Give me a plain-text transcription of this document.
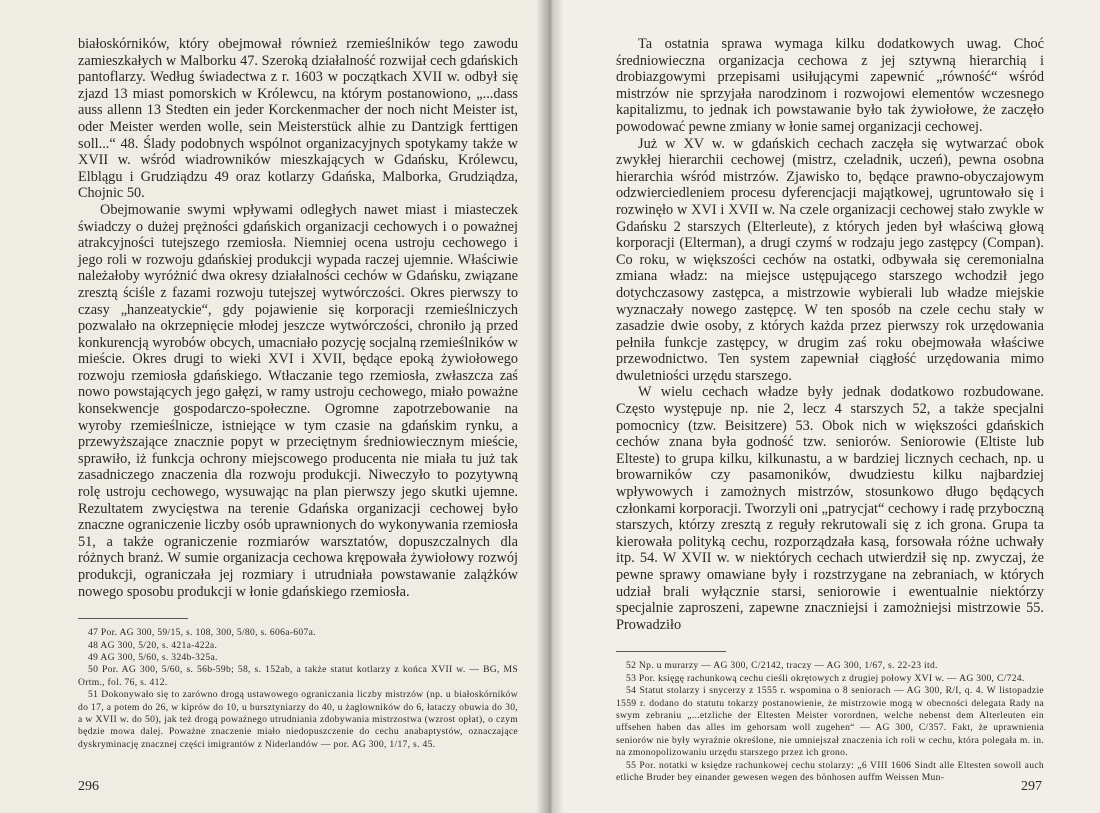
białoskórników, który obejmował również rzemieślników tego zawodu zamieszkałych w Malborku 47. Szeroką działalność rozwijał cech gdańskich pantoflarzy. Według świadectwa z r. 1603 w początkach XVII w. odbył się zjazd 13 miast pomorskich w Królewcu, na którym postanowiono, „...dass auss allenn 13 Stedten ein jeder Korckenmacher der noch nicht Meister ist, oder Meister werden wolle, sein Meisterstück alhie zu Dantzigk ferttigen soll...“ 48. Ślady podobnych wspólnot organizacyjnych spotykamy także w XVII w. wśród wiadrowników mieszkających w Gdańsku, Królewcu, Elblągu i Grudziądzu 49 oraz kotlarzy Gdańska, Malborka, Grudziądza, Chojnic 50.

Obejmowanie swymi wpływami odległych nawet miast i miasteczek świadczy o dużej prężności gdańskich organizacji cechowych i o poważnej atrakcyjności tutejszego rzemiosła. Niemniej ocena ustroju cechowego i jego roli w rozwoju gdańskiej produkcji wypada raczej ujemnie. Właściwie należałoby wyróżnić dwa okresy działalności cechów w Gdańsku, związane zresztą ściśle z fazami rozwoju tutejszej wytwórczości. Okres pierwszy to czasy „hanzeatyckie“, gdy pojawienie się korporacji rzemieślniczych pozwalało na okrzepnięcie młodej jeszcze wytwórczości, chroniło ją przed konkurencją wyrobów obcych, umacniało pozycję socjalną rzemieślników w mieście. Okres drugi to wieki XVI i XVII, będące epoką żywiołowego rozwoju rzemiosła gdańskiego. Wtłaczanie tego rzemiosła, zwłaszcza zaś nowo powstających jego gałęzi, w ramy ustroju cechowego, miało poważne konsekwencje gospodarczo-społeczne. Ogromne zapotrzebowanie na wyroby rzemieślnicze, istniejące w tym czasie na gdańskim rynku, a przewyższające znacznie popyt w przeciętnym średniowiecznym mieście, sprawiło, iż funkcja ochrony miejscowego producenta nie miała tu już tak zasadniczego znaczenia dla rozwoju produkcji. Niweczyło to pozytywną rolę ustroju cechowego, wysuwając na plan pierwszy jego skutki ujemne. Rezultatem zwycięstwa na terenie Gdańska organizacji cechowej było znaczne ograniczenie liczby osób uprawnionych do wykonywania rzemiosła 51, a także ograniczenie rozmiarów warsztatów, dopuszczalnych dla różnych branż. W sumie organizacja cechowa krępowała żywiołowy rozwój produkcji, ograniczała jej rozmiary i utrudniała powstawanie zalążków nowego sposobu produkcji w łonie gdańskiego rzemiosła.

47 Por. AG 300, 59/15, s. 108, 300, 5/80, s. 606a-607a.

48 AG 300, 5/20, s. 421a-422a.

49 AG 300, 5/60, s. 324b-325a.

50 Por. AG 300, 5/60, s. 56b-59b; 58, s. 152ab, a także statut kotlarzy z końca XVII w. — BG, MS Ortm., fol. 76, s. 412.

51 Dokonywało się to zarówno drogą ustawowego ograniczania liczby mistrzów (np. u białoskórników do 17, a potem do 26, w kiprów do 10, u bursztyniarzy do 40, u żaglowników do 6, łataczy obuwia do 30, a w XVII w. do 50), jak też drogą poważnego utrudniania zdobywania mistrzostwa (wzrost opłat), o czym będzie mowa dalej. Poważne znaczenie miało niedopuszczenie do cechu anabaptystów, oznaczające dyskryminację znacznej części imigrantów z Niderlandów — por. AG 300, 1/17, s. 45.

296

Ta ostatnia sprawa wymaga kilku dodatkowych uwag. Choć średniowieczna organizacja cechowa z jej sztywną hierarchią i drobiazgowymi przepisami usiłującymi zapewnić „równość“ wśród mistrzów nie sprzyjała narodzinom i rozwojowi elementów wczesnego kapitalizmu, to jednak ich powstawanie było tak żywiołowe, że zaczęło powodować pewne zmiany w łonie samej organizacji cechowej.

Już w XV w. w gdańskich cechach zaczęła się wytwarzać obok zwykłej hierarchii cechowej (mistrz, czeladnik, uczeń), pewna osobna hierarchia wśród mistrzów. Zjawisko to, będące prawno-obyczajowym odzwierciedleniem procesu dyferencjacji majątkowej, ugruntowało się i rozwinęło w XVI i XVII w. Na czele organizacji cechowej stało zwykle w Gdańsku 2 starszych (Elterleute), z których jeden był właściwą głową korporacji (Elterman), a drugi czymś w rodzaju jego zastępcy (Compan). Co roku, w większości cechów na ostatki, odbywała się ceremonialna zmiana władz: na miejsce ustępującego starszego wchodził jego dotychczasowy zastępca, a mistrzowie wybierali lub władze miejskie wyznaczały nowego zastępcę. W ten sposób na czele cechu stały w zasadzie dwie osoby, z których każda przez pierwszy rok urzędowania pełniła funkcje zastępcy, w drugim zaś roku obejmowała właściwe przewodnictwo. Ten system zapewniał ciągłość urzędowania mimo dwuletniości urzędu starszego.

W wielu cechach władze były jednak dodatkowo rozbudowane. Często występuje np. nie 2, lecz 4 starszych 52, a także specjalni pomocnicy (tzw. Beisitzere) 53. Obok nich w większości gdańskich cechów znana była godność tzw. seniorów. Seniorowie (Eltiste lub Elteste) to grupa kilku, kilkunastu, a w bardziej licznych cechach, np. u browarników czy pasamoników, dwudziestu kilku najbardziej wpływowych i zamożnych mistrzów, stosunkowo długo będących członkami korporacji. Tworzyli oni „patrycjat“ cechowy i radę przyboczną starszych, którzy zresztą z reguły rekrutowali się z ich grona. Grupa ta kierowała polityką cechu, rozporządzała kasą, forsowała różne uchwały itp. 54. W XVII w. w niektórych cechach utwierdził się np. zwyczaj, że pewne sprawy omawiane były i rozstrzygane na zebraniach, w których udział brali wyłącznie starsi, seniorowie i ewentualnie niektórzy specjalnie zaproszeni, zapewne znaczniejsi i zamożniejsi mistrzowie 55. Prowadziło

52 Np. u murarzy — AG 300, C/2142, traczy — AG 300, 1/67, s. 22-23 itd.

53 Por. księgę rachunkową cechu cieśli okrętowych z drugiej połowy XVI w. — AG 300, C/724.

54 Statut stolarzy i snycerzy z 1555 r. wspomina o 8 seniorach — AG 300, R/I, q. 4. W listopadzie 1559 r. dodano do statutu tokarzy postanowienie, że mistrzowie mogą w obecności delegata Rady na swym zebraniu „...etzliche der Eltesten Meister vorordnen, welche nebenst dem Alterleuten ein uffsehen haben das alles im gehorsam woll zugehen“ — AG 300, C/357. Fakt, że uprawnienia seniorów nie były wyraźnie określone, nie umniejszał znaczenia ich roli w cechu, która polegała m. in. na zmonopolizowaniu urzędu starszego przez ich grono.

55 Por. notatki w księdze rachunkowej cechu stolarzy: „6 VIII 1606 Sindt alle Eltesten sowoll auch etliche Bruder bey einander gewesen wegen des bönhosen auffm Weissen Mun-

297
